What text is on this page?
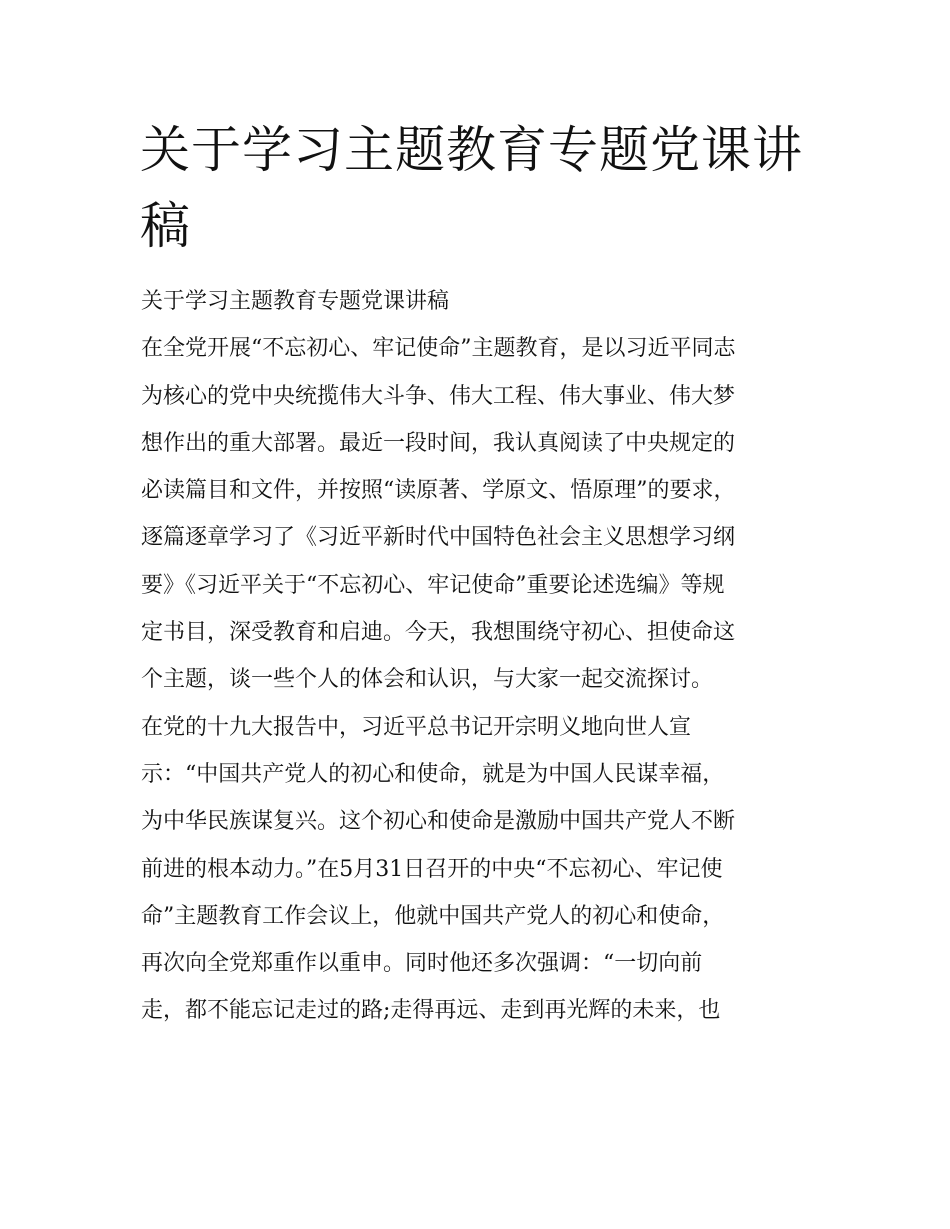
关于学习主题教育专题党课讲稿
关于学习主题教育专题党课讲稿
在全党开展“不忘初心、牢记使命”主题教育，是以习近平同志
为核心的党中央统揽伟大斗争、伟大工程、伟大事业、伟大梦
想作出的重大部署。最近一段时间，我认真阅读了中央规定的
必读篇目和文件，并按照“读原著、学原文、悟原理”的要求，
逐篇逐章学习了《习近平新时代中国特色社会主义思想学习纲
要》《习近平关于“不忘初心、牢记使命”重要论述选编》等规
定书目，深受教育和启迪。今天，我想围绕守初心、担使命这
个主题，谈一些个人的体会和认识，与大家一起交流探讨。
在党的十九大报告中，习近平总书记开宗明义地向世人宣
示：“中国共产党人的初心和使命，就是为中国人民谋幸福，
为中华民族谋复兴。这个初心和使命是激励中国共产党人不断
前进的根本动力。”在5月31日召开的中央“不忘初心、牢记使
命”主题教育工作会议上，他就中国共产党人的初心和使命，
再次向全党郑重作以重申。同时他还多次强调：“一切向前
走，都不能忘记走过的路;走得再远、走到再光辉的未来，也
